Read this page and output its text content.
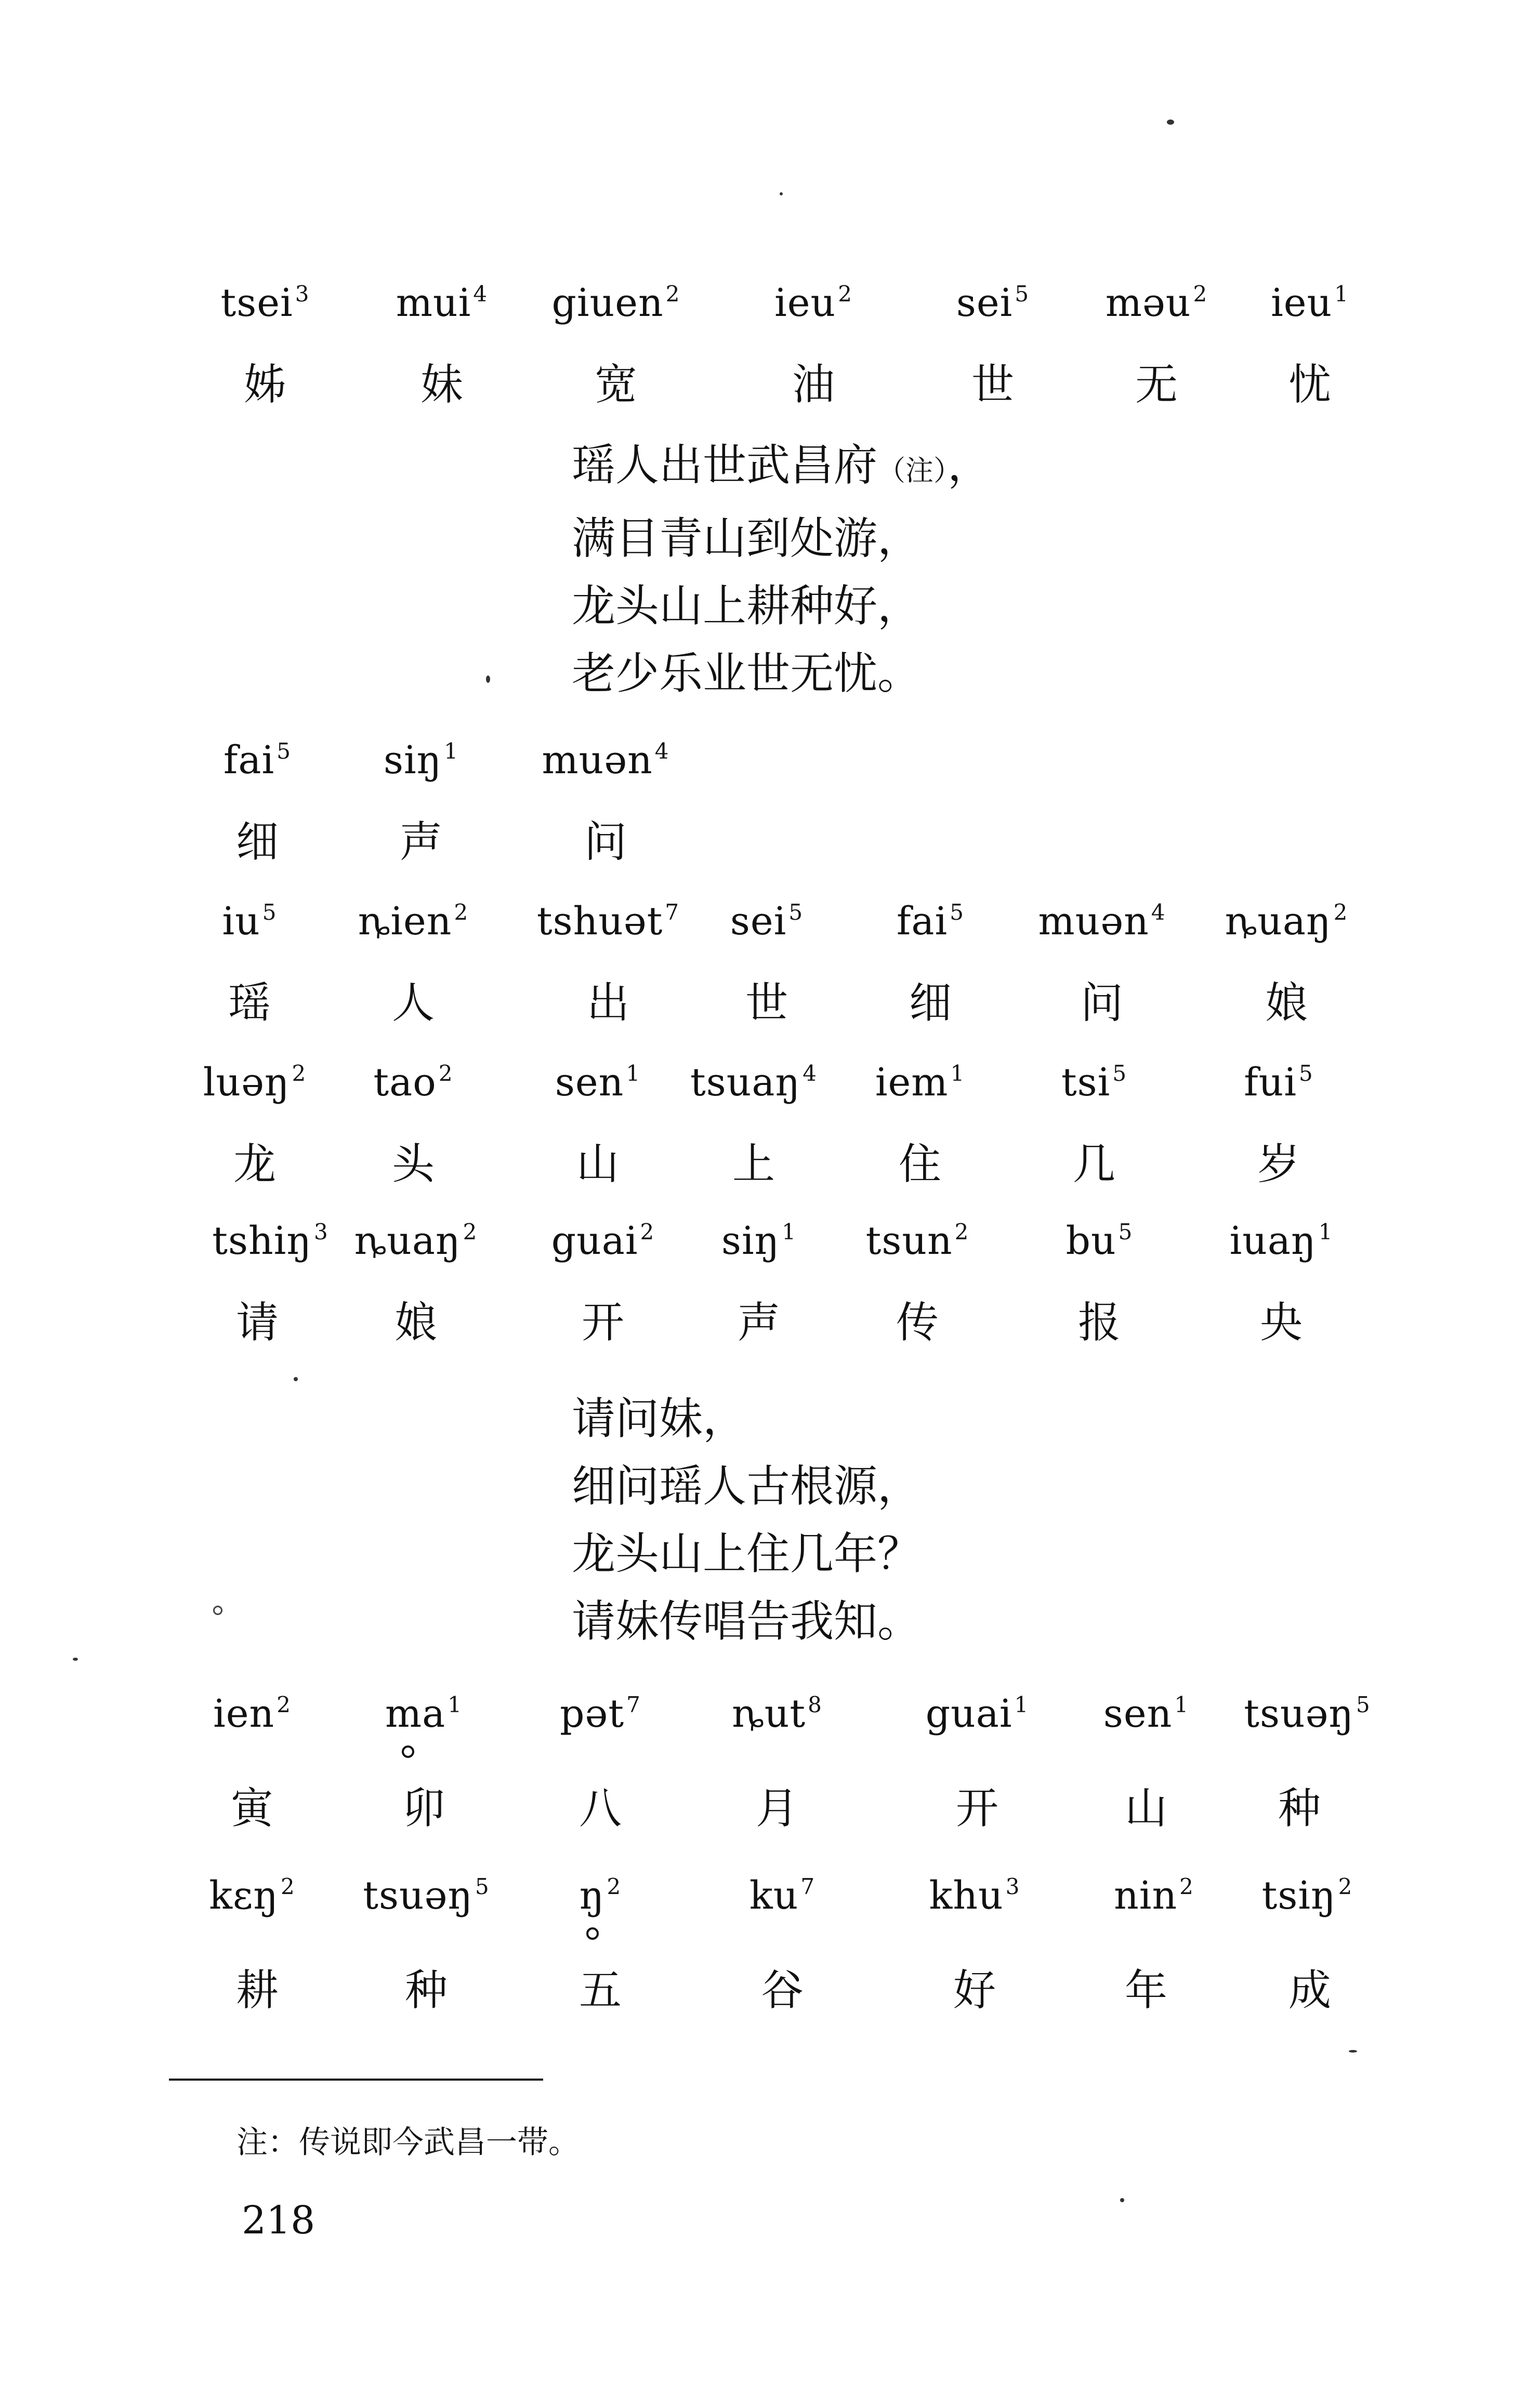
tsei$^3$ mui$^4$ giuen$^2$ ieu$^2$	sei$^5$ məu$^2$ ieu$^1$
姊	妹	宽	油	世	无	忧
瑶人出世武昌府（注），
满目青山到处游，
龙头山上耕种好，
老少乐业世无忧。
fai$^5$ siŋ$^1$ muən$^4$
细	声	问
$iu^5$ ȵien$^2$ tshuət$^7$ sei$^5$ fai$^5$ muən$^4$ ȵuaŋ$^2$
瑶	人	出	世	细	问	娘
luəŋ$^2$ tao$^2$	sen$^1$ tsuaŋ$^4$ iem$^1$	tsi$^5$	fui$^5$
龙	头	山	上	住	几	岁
tshiŋ$^3$ ȵuaŋ$^2$ guai$^2$ siŋ$^1$ tsun$^2$	$bu^5$	iuaŋ$^1$
请	娘	开	声	传	报	央
请问妹，
细问瑶人古根源，
龙头山上住几年？
请妹传唱告我知。
ien$^2$ $ma^1$	pət$^7$ ȵut$^8$	guai$^1$ sen$^1$ tsuəŋ$^5$
寅	卯	八	月	开	山	种
kɛŋ$^2$ tsuəŋ$^5$ $ŋ^2$	$ku^7$	khu$^3$ nin$^2$ tsiŋ$^2$
耕	种	五	谷	好	年	成
注：传说即今武昌一带。
218
